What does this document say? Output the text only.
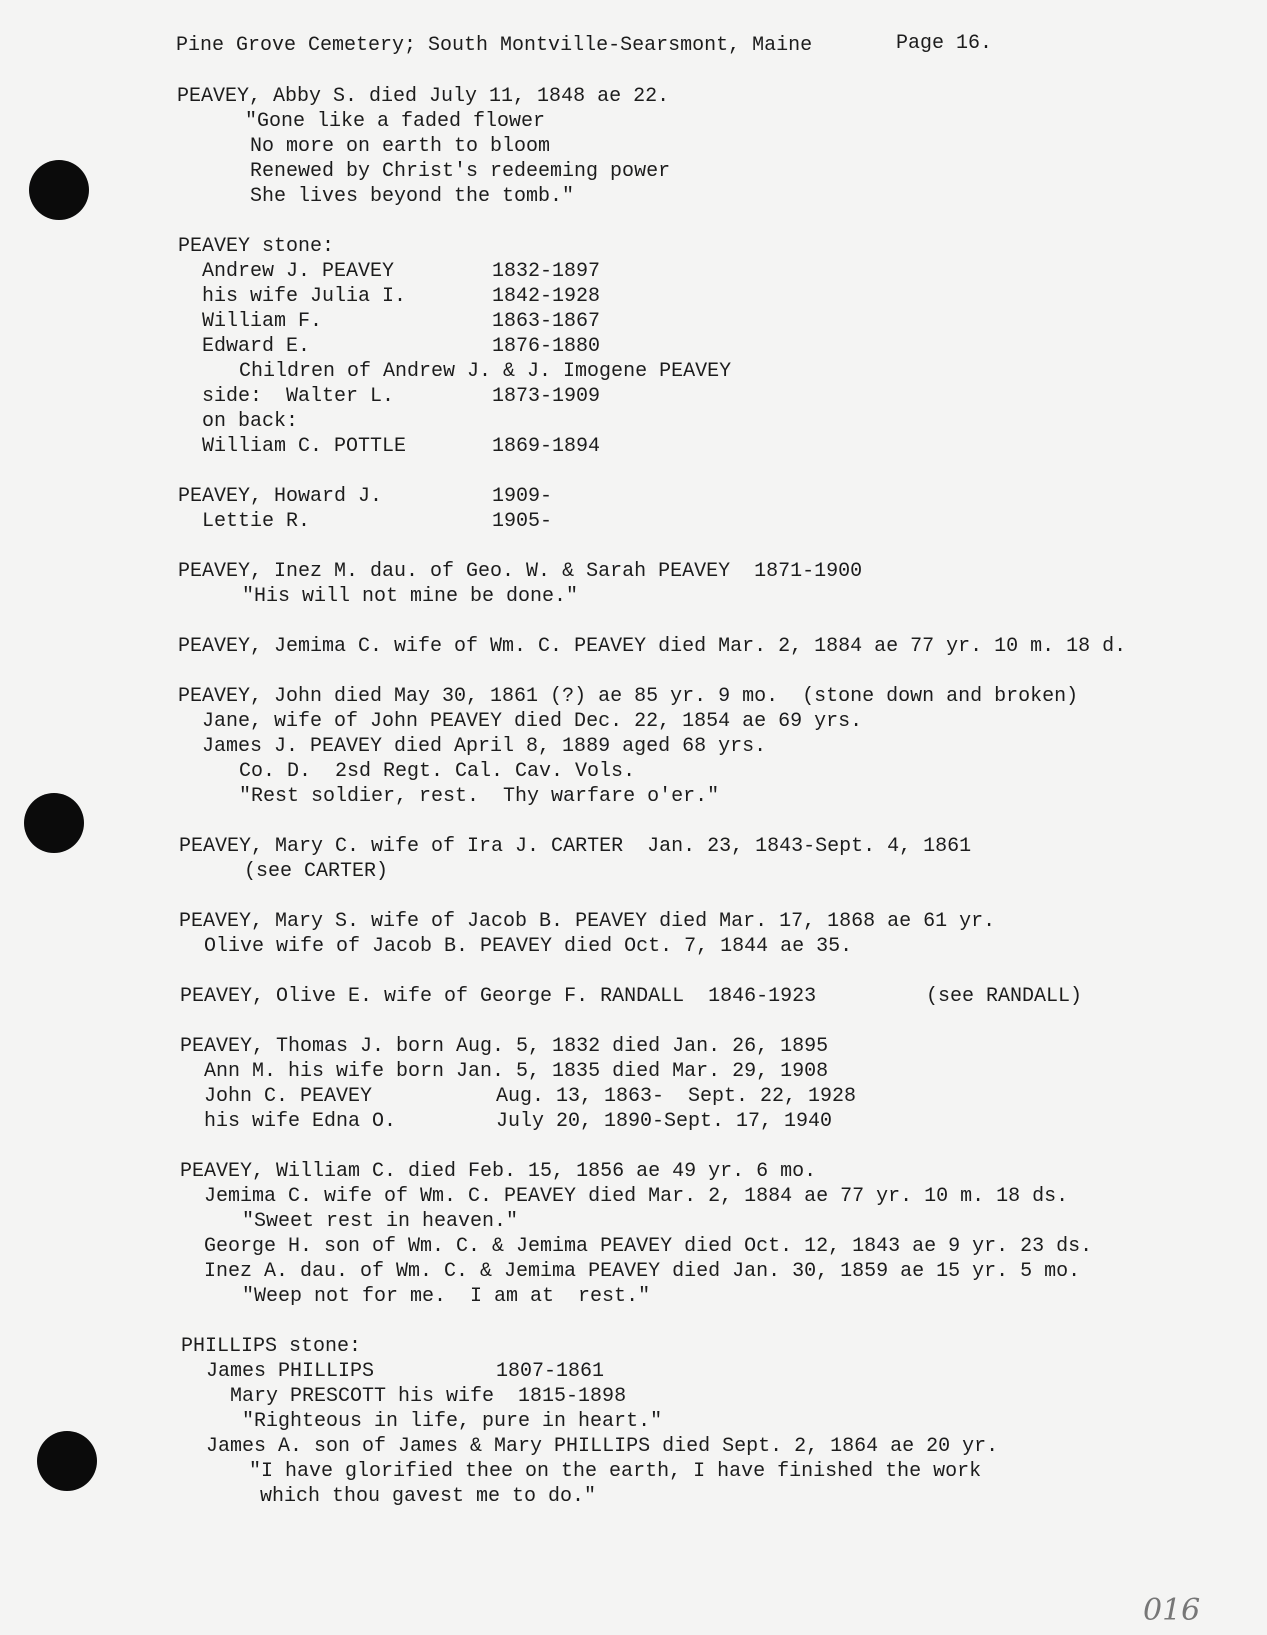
Pine Grove Cemetery; South Montville-Searsmont, Maine	Page 16.

PEAVEY, Abby S. died July 11, 1848 ae 22.

"Gone like a faded flower

No more on earth to bloom

Renewed by Christ's redeeming power

She lives beyond the tomb."

PEAVEY stone:

Andrew J. PEAVEY	1832-1897

his wife Julia I.	1842-1928

William F.	1863-1867

Edward E.	1876-1880

Children of Andrew J. & J. Imogene PEAVEY

side:  Walter L.	1873-1909

on back:

William C. POTTLE	1869-1894

PEAVEY, Howard J.	1909-

Lettie R.	1905-

PEAVEY, Inez M. dau. of Geo. W. & Sarah PEAVEY  1871-1900

"His will not mine be done."

PEAVEY, Jemima C. wife of Wm. C. PEAVEY died Mar. 2, 1884 ae 77 yr. 10 m. 18 d.

PEAVEY, John died May 30, 1861 (?) ae 85 yr. 9 mo.  (stone down and broken)

Jane, wife of John PEAVEY died Dec. 22, 1854 ae 69 yrs.

James J. PEAVEY died April 8, 1889 aged 68 yrs.

Co. D.  2sd Regt. Cal. Cav. Vols.

"Rest soldier, rest.  Thy warfare o'er."

PEAVEY, Mary C. wife of Ira J. CARTER  Jan. 23, 1843-Sept. 4, 1861

(see CARTER)

PEAVEY, Mary S. wife of Jacob B. PEAVEY died Mar. 17, 1868 ae 61 yr.

Olive wife of Jacob B. PEAVEY died Oct. 7, 1844 ae 35.

PEAVEY, Olive E. wife of George F. RANDALL  1846-1923	(see RANDALL)

PEAVEY, Thomas J. born Aug. 5, 1832 died Jan. 26, 1895

Ann M. his wife born Jan. 5, 1835 died Mar. 29, 1908

John C. PEAVEY	Aug. 13, 1863-  Sept. 22, 1928

his wife Edna O.	July 20, 1890-Sept. 17, 1940

PEAVEY, William C. died Feb. 15, 1856 ae 49 yr. 6 mo.

Jemima C. wife of Wm. C. PEAVEY died Mar. 2, 1884 ae 77 yr. 10 m. 18 ds.

"Sweet rest in heaven."

George H. son of Wm. C. & Jemima PEAVEY died Oct. 12, 1843 ae 9 yr. 23 ds.

Inez A. dau. of Wm. C. & Jemima PEAVEY died Jan. 30, 1859 ae 15 yr. 5 mo.

"Weep not for me.  I am at  rest."

PHILLIPS stone:

James PHILLIPS	1807-1861

Mary PRESCOTT his wife  1815-1898

"Righteous in life, pure in heart."

James A. son of James & Mary PHILLIPS died Sept. 2, 1864 ae 20 yr.

"I have glorified thee on the earth, I have finished the work

which thou gavest me to do."

016
